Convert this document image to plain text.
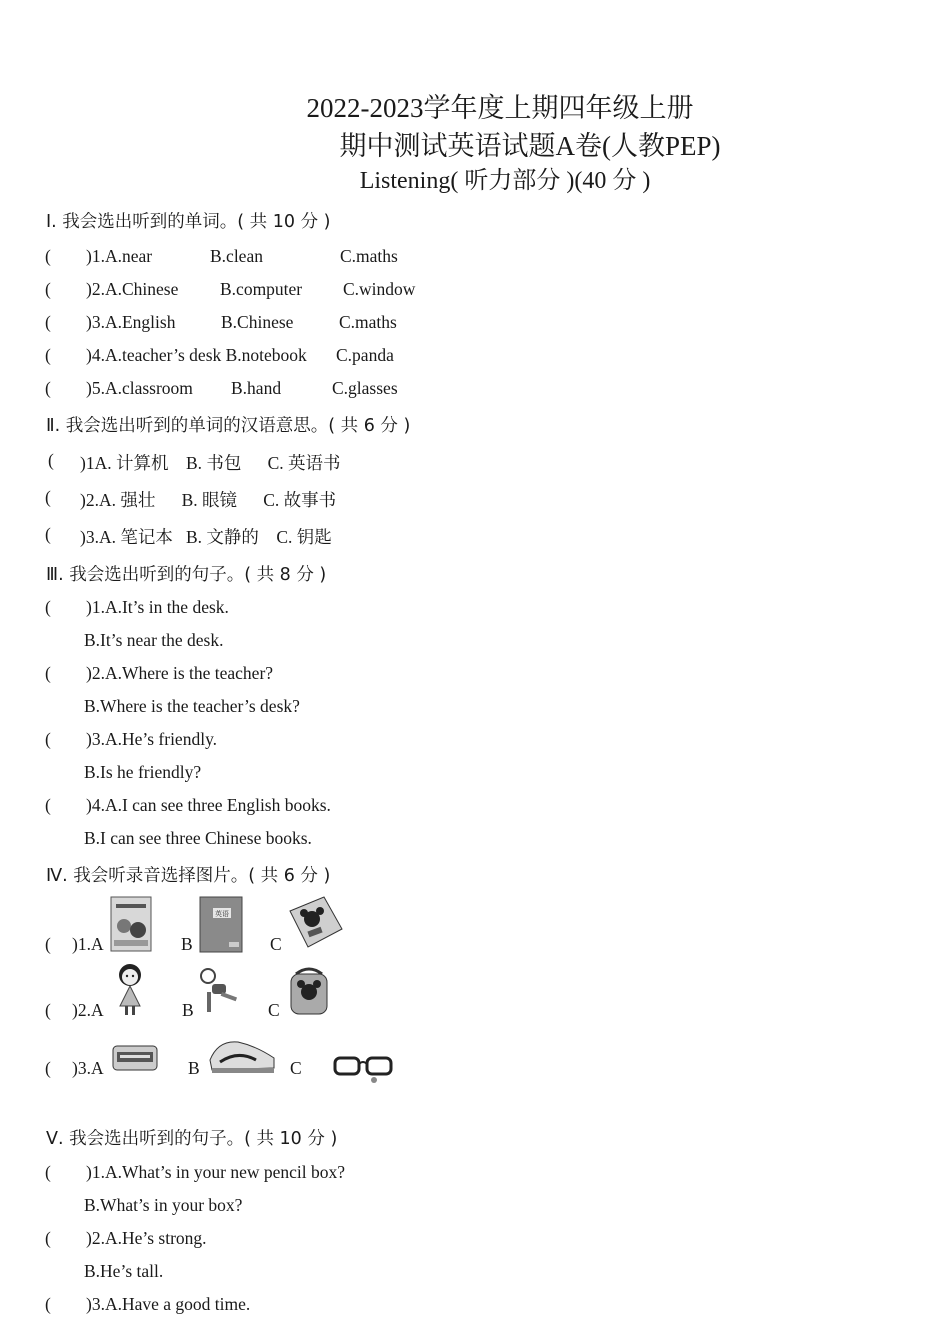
2022-2023学年度上期四年级上册
期中测试英语试题A卷(人教PEP)
Listening( 听力部分 )(40 分 )
Ⅰ. 我会选出听到的单词。( 共 10 分 )
( )1.A.near	B.clean	C.maths
( )2.A.Chinese B.computer C.window
( )3.A.English	B.Chinese	C.maths
( )4.A.teacher’s desk B.notebook C.panda
( )5.A.classroom B.hand	C.glasses
Ⅱ. 我会选出听到的单词的汉语意思。( 共 6 分 )
( )1A. 计算机    B. 书包      C. 英语书
( )2.A. 强壮      B. 眼镜      C. 故事书
( )3.A. 笔记本   B. 文静的    C. 钥匙
Ⅲ. 我会选出听到的句子。( 共 8 分 )
( )1.A.It’s in the desk.
B.It’s near the desk.
( )2.A.Where is the teacher?
B.Where is the teacher’s desk?
( )3.A.He’s friendly.
B.Is he friendly?
( )4.A.I can see three English books.
B.I can see three Chinese books.
Ⅳ. 我会听录音选择图片。( 共 6 分 )
( )1.A	B
英语
C
( )2.A	B	C
( )3.A	B	C
Ⅴ. 我会选出听到的句子。( 共 10 分 )
( )1.A.What’s in your new pencil box?
B.What’s in your box?
( )2.A.He’s strong.
B.He’s tall.
( )3.A.Have a good time.
